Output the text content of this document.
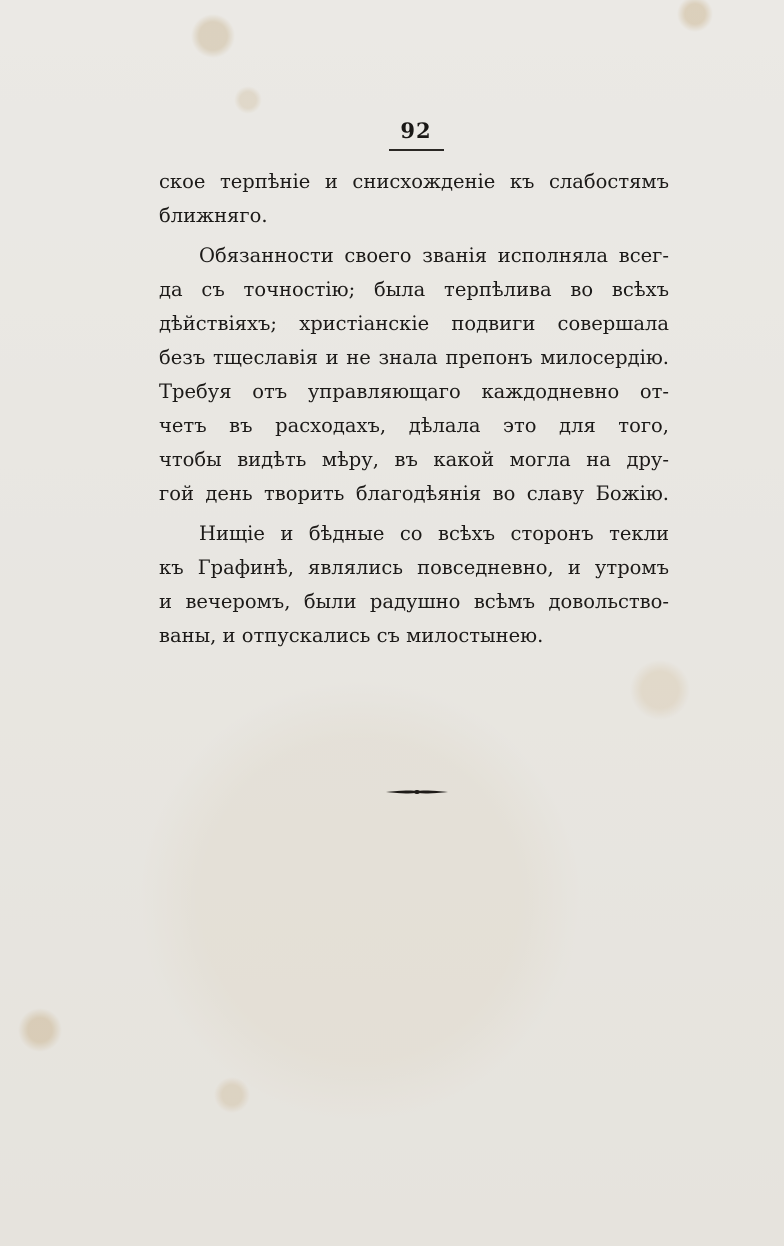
92
ское терпѣніе и снисхожденіе къ слабостямъ
ближняго.
Обязанности своего званія исполняла всег-
да съ точностію; была терпѣлива во всѣхъ
дѣйствіяхъ; христіанскіе подвиги совершала
безъ тщеславія и не знала препонъ милосердію.
Требуя отъ управляющаго каждодневно от-
четъ въ расходахъ, дѣлала это для того,
чтобы видѣть мѣру, въ какой могла на дру-
гой день творить благодѣянія во славу Божію.
Нищіе и бѣдные со всѣхъ сторонъ текли
къ Графинѣ, являлись повседневно, и утромъ
и вечеромъ, были радушно всѣмъ довольство-
ваны, и отпускались съ милостынею.
